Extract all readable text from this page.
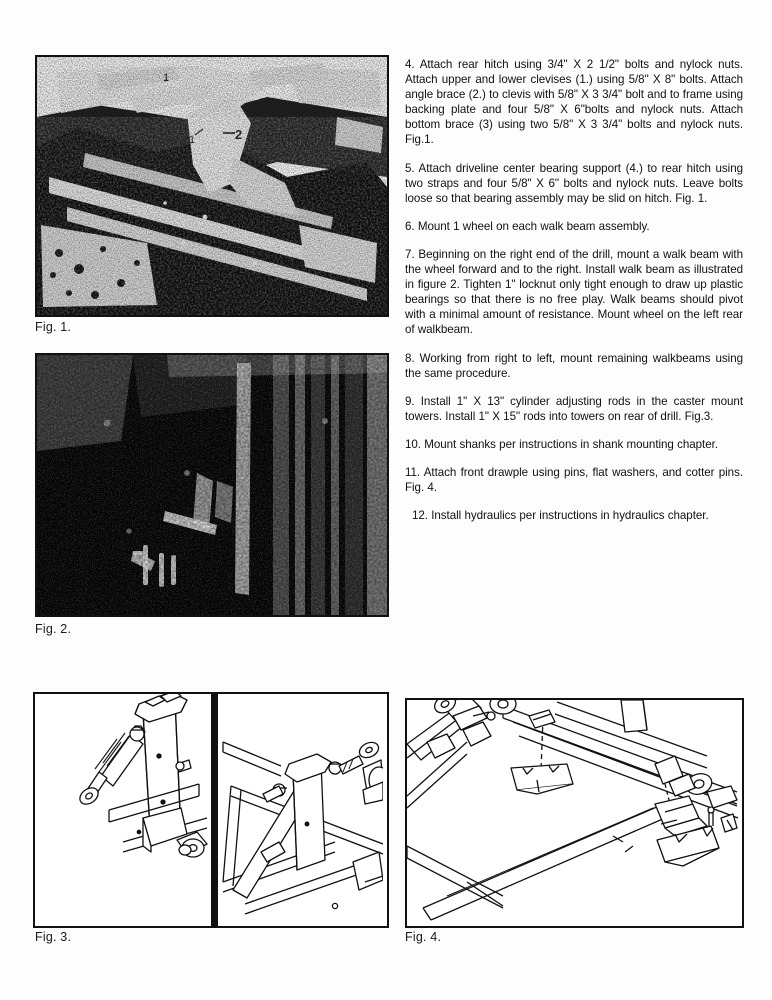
Fig. 1.
Fig. 2.
Fig. 3.	Fig. 4.

4. Attach rear hitch using 3/4" X 2 1/2" bolts and nylock nuts. Attach upper and lower clevises (1.) using 5/8" X 8" bolts. Attach angle brace (2.) to clevis with 5/8" X 3 3/4" bolt and to frame using backing plate and four 5/8" X 6"bolts and nylock nuts. Attach bottom brace (3) using two 5/8" X 3 3/4" bolts and nylock nuts. Fig.1.

5. Attach driveline center bearing support (4.) to rear hitch using two straps and four 5/8" X 6" bolts and nylock nuts. Leave bolts loose so that bearing assembly may be slid on hitch. Fig. 1.

6. Mount 1 wheel on each walk beam assembly.

7. Beginning on the right end of the drill, mount a walk beam with the wheel forward and to the right. Install walk beam as illustrated in figure 2. Tighten 1" locknut only tight enough to draw up plastic bearings so that there is no free play. Walk beams should pivot with a minimal amount of resistance. Mount wheel on the left rear of walkbeam.

8. Working from right to left, mount remaining walkbeams using the same procedure.

9. Install 1" X 13" cylinder adjusting rods in the caster mount towers. Install 1" X 15" rods into towers on rear of drill. Fig.3.

10. Mount shanks per instructions in shank mounting chapter.

11. Attach front drawple using pins, flat washers, and cotter pins. Fig. 4.

12. Install hydraulics per instructions in hydraulics chapter.
